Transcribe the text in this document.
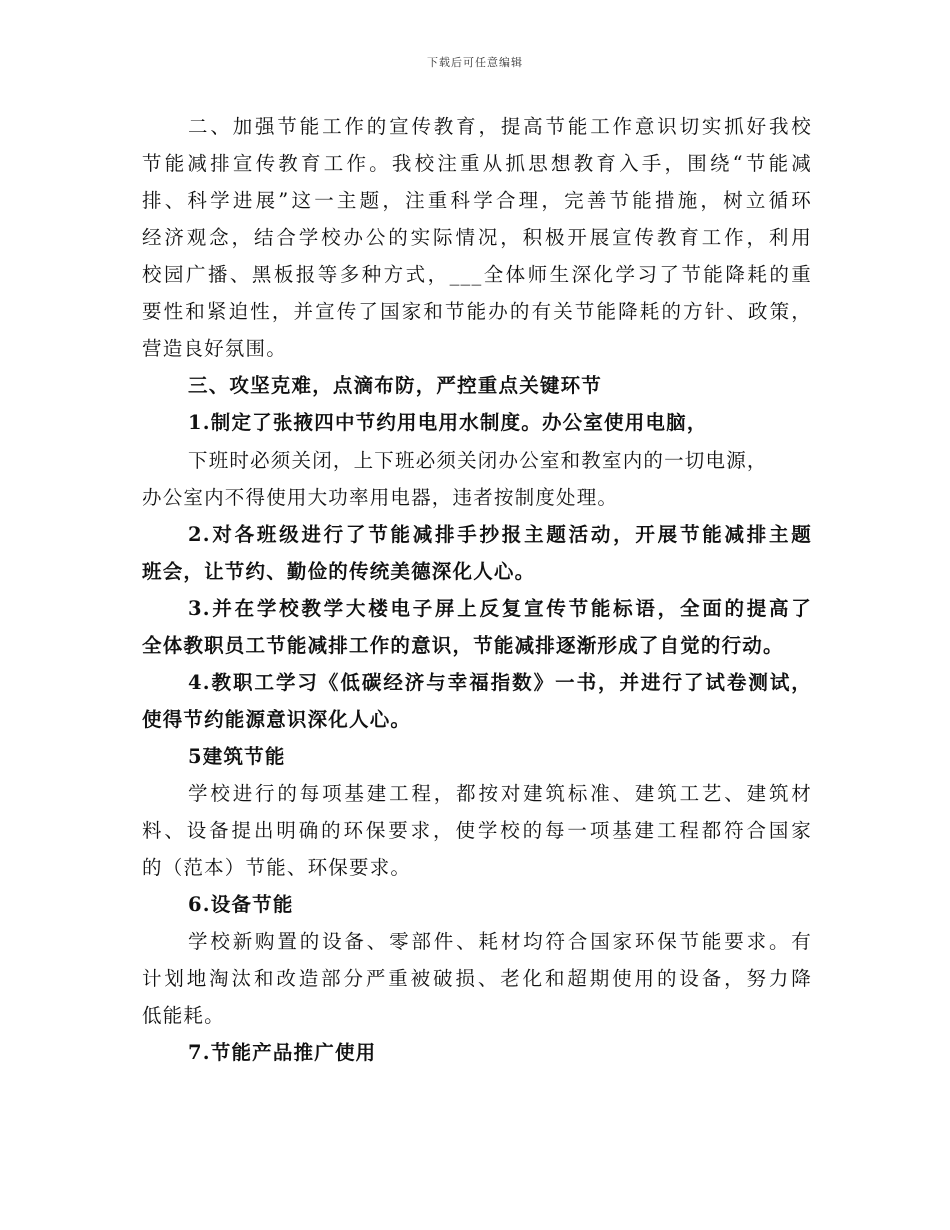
下载后可任意编辑
二、加强节能工作的宣传教育，提高节能工作意识切实抓好我校
节能减排宣传教育工作。我校注重从抓思想教育入手，围绕“节能减
排、科学进展”这一主题，注重科学合理，完善节能措施，树立循环
经济观念，结合学校办公的实际情况，积极开展宣传教育工作，利用
校园广播、黑板报等多种方式，___全体师生深化学习了节能降耗的重
要性和紧迫性，并宣传了国家和节能办的有关节能降耗的方针、政策，
营造良好氛围。
三、攻坚克难，点滴布防，严控重点关键环节
1.制定了张掖四中节约用电用水制度。办公室使用电脑，
下班时必须关闭，上下班必须关闭办公室和教室内的一切电源，
办公室内不得使用大功率用电器，违者按制度处理。
2.对各班级进行了节能减排手抄报主题活动，开展节能减排主题
班会，让节约、勤俭的传统美德深化人心。
3.并在学校教学大楼电子屏上反复宣传节能标语，全面的提高了
全体教职员工节能减排工作的意识，节能减排逐渐形成了自觉的行动。
4.教职工学习《低碳经济与幸福指数》一书，并进行了试卷测试，
使得节约能源意识深化人心。
5建筑节能
学校进行的每项基建工程，都按对建筑标准、建筑工艺、建筑材
料、设备提出明确的环保要求，使学校的每一项基建工程都符合国家
的（范本）节能、环保要求。
6.设备节能
学校新购置的设备、零部件、耗材均符合国家环保节能要求。有
计划地淘汰和改造部分严重被破损、老化和超期使用的设备，努力降
低能耗。
7.节能产品推广使用
